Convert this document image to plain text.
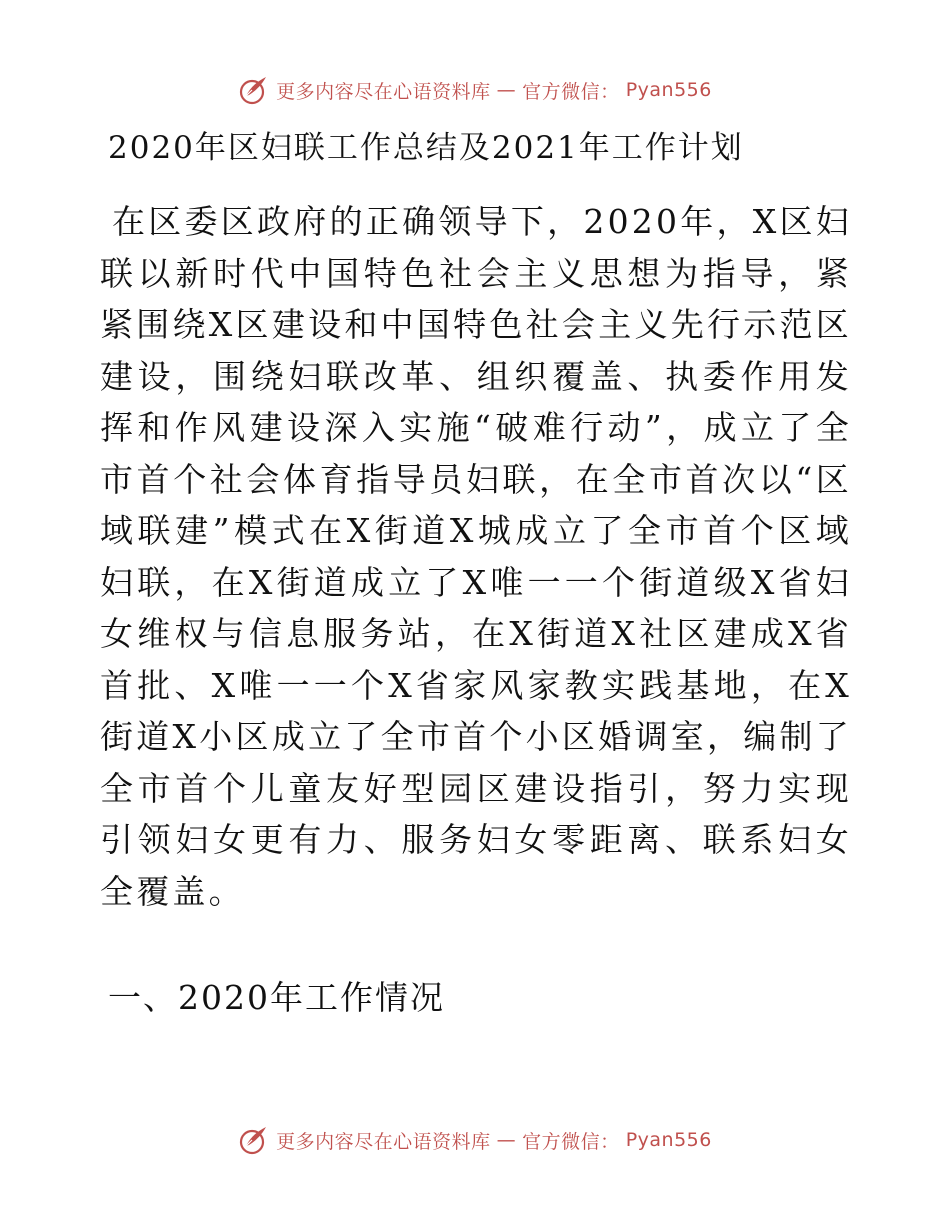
更多内容尽在心语资料库 — 官方微信： Pyan556
2020年区妇联工作总结及2021年工作计划
在区委区政府的正确领导下，2020年，X区妇联以新时代中国特色社会主义思想为指导，紧紧围绕X区建设和中国特色社会主义先行示范区建设，围绕妇联改革、组织覆盖、执委作用发挥和作风建设深入实施“破难行动”，成立了全市首个社会体育指导员妇联，在全市首次以“区域联建”模式在X街道X城成立了全市首个区域妇联，在X街道成立了X唯一一个街道级X省妇女维权与信息服务站，在X街道X社区建成X省首批、X唯一一个X省家风家教实践基地，在X街道X小区成立了全市首个小区婚调室，编制了全市首个儿童友好型园区建设指引，努力实现引领妇女更有力、服务妇女零距离、联系妇女全覆盖。
一、2020年工作情况
更多内容尽在心语资料库 — 官方微信： Pyan556
